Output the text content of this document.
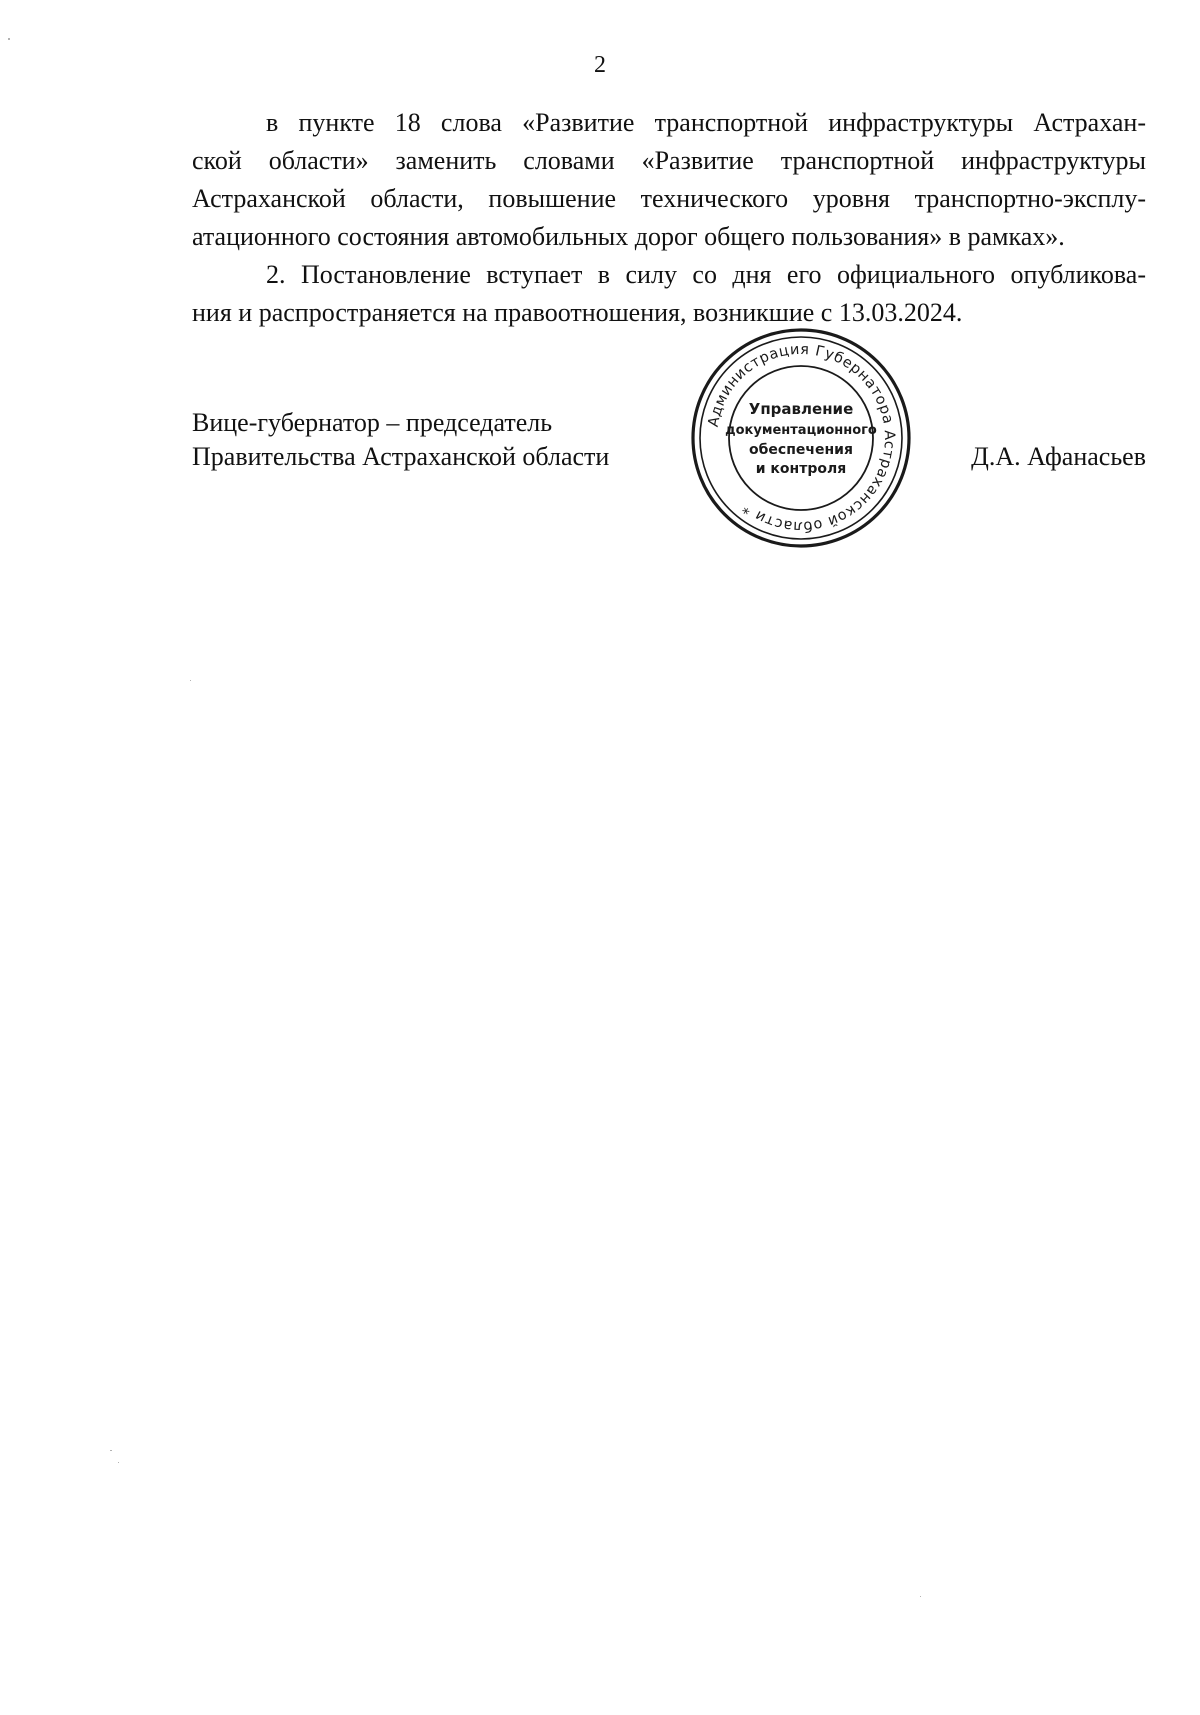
2

в пункте 18 слова «Развитие транспортной инфраструктуры Астрахан-
ской области» заменить словами «Развитие транспортной инфраструктуры
Астраханской области, повышение технического уровня транспортно-эксплу-
атационного состояния автомобильных дорог общего пользования» в рамках».

2. Постановление вступает в силу со дня его официального опубликова-
ния и распространяется на правоотношения, возникшие с 13.03.2024.

Вице-губернатор – председатель
Правительства Астраханской области
Администрация Губернатора Астраханской области *
Управление
документационного
обеспечения
и контроля	Д.А. Афанасьев
